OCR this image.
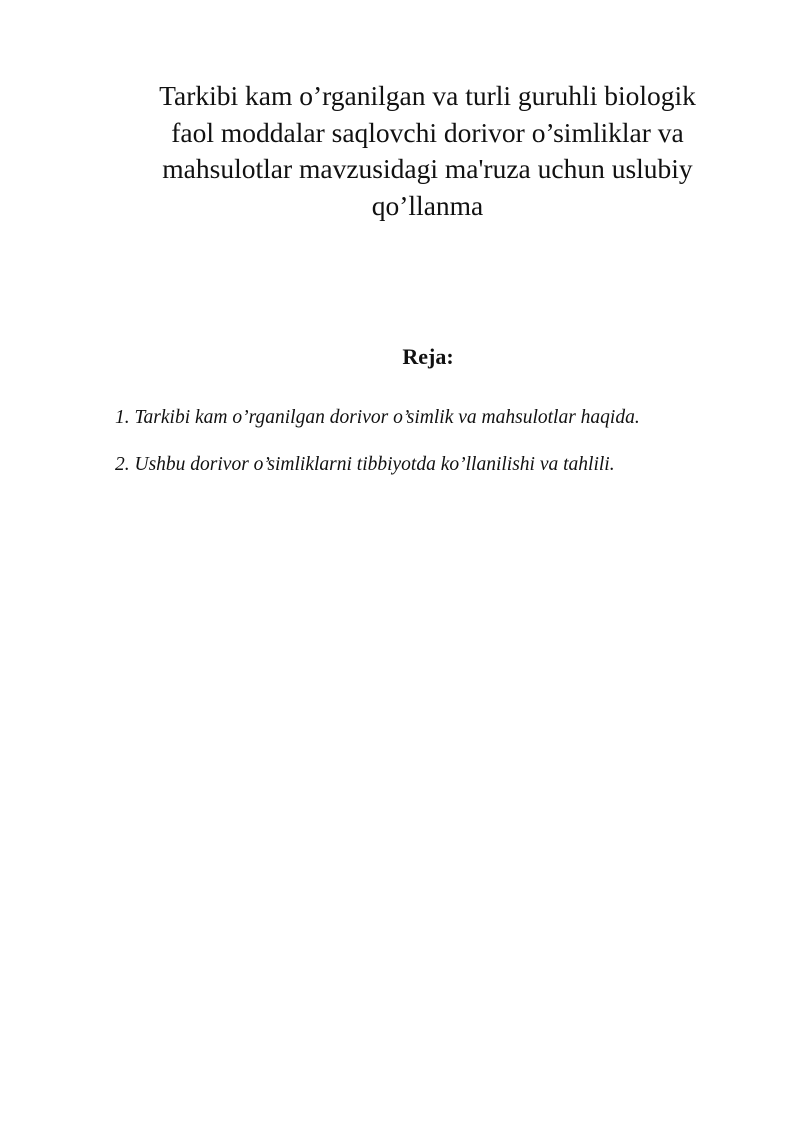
Tarkibi kam o’rganilgan va turli guruhli biologik
faol moddalar saqlovchi dorivor o’simliklar va
mahsulotlar mavzusidagi ma'ruza uchun uslubiy
qo’llanma
Reja:
1. Tarkibi kam o’rganilgan dorivor o’simlik va mahsulotlar haqida.
2. Ushbu dorivor o’simliklarni tibbiyotda ko’llanilishi va tahlili.
